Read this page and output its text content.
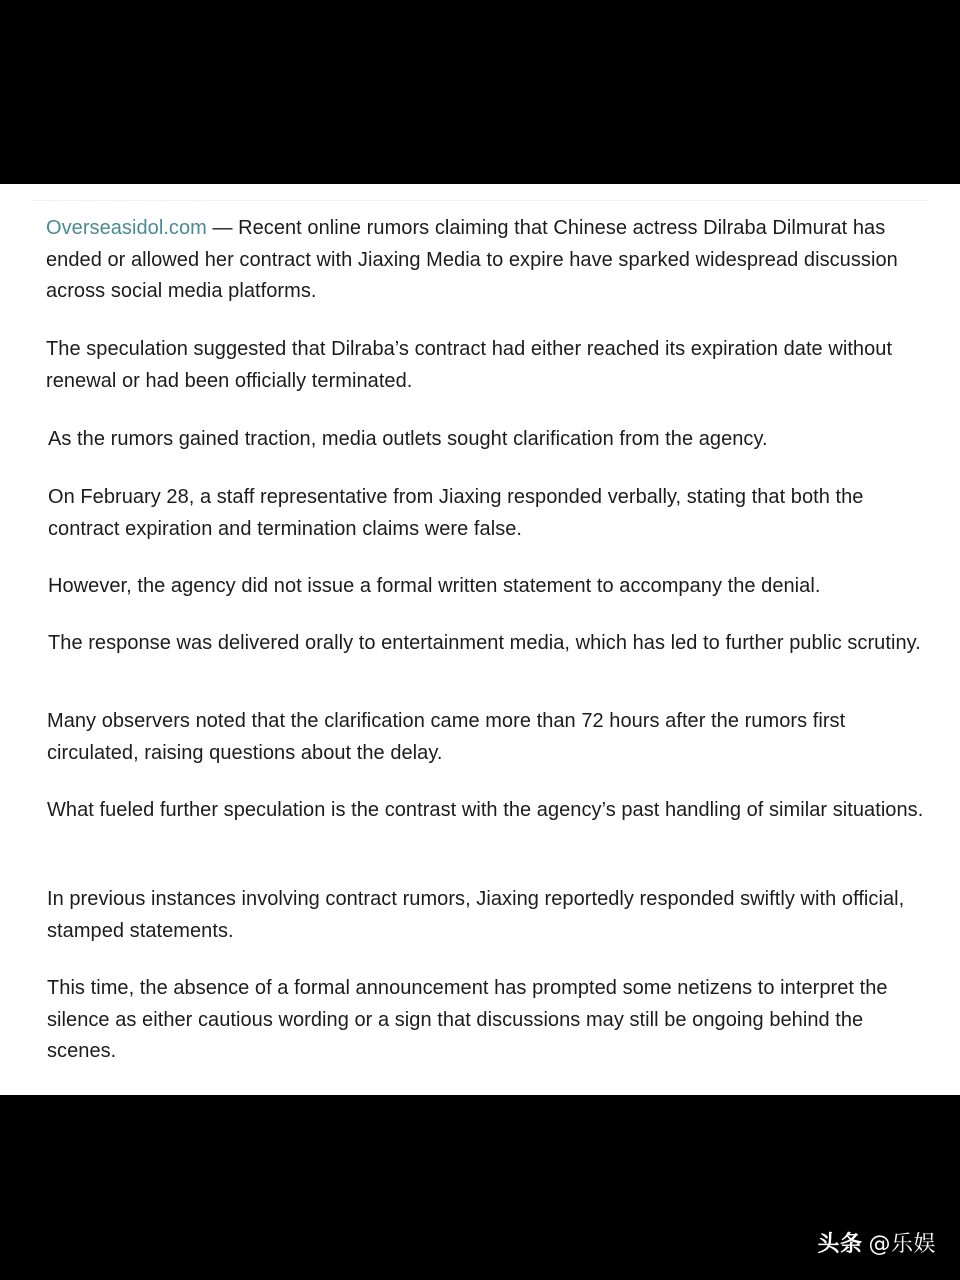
Overseasidol.com — Recent online rumors claiming that Chinese actress Dilraba Dilmurat has ended or allowed her contract with Jiaxing Media to expire have sparked widespread discussion across social media platforms.

The speculation suggested that Dilraba’s contract had either reached its expiration date without renewal or had been officially terminated.

As the rumors gained traction, media outlets sought clarification from the agency.

On February 28, a staff representative from Jiaxing responded verbally, stating that both the contract expiration and termination claims were false.

However, the agency did not issue a formal written statement to accompany the denial.

The response was delivered orally to entertainment media, which has led to further public scrutiny.

Many observers noted that the clarification came more than 72 hours after the rumors first circulated, raising questions about the delay.

What fueled further speculation is the contrast with the agency’s past handling of similar situations.

In previous instances involving contract rumors, Jiaxing reportedly responded swiftly with official, stamped statements.

This time, the absence of a formal announcement has prompted some netizens to interpret the silence as either cautious wording or a sign that discussions may still be ongoing behind the scenes.

头条 @乐娱
